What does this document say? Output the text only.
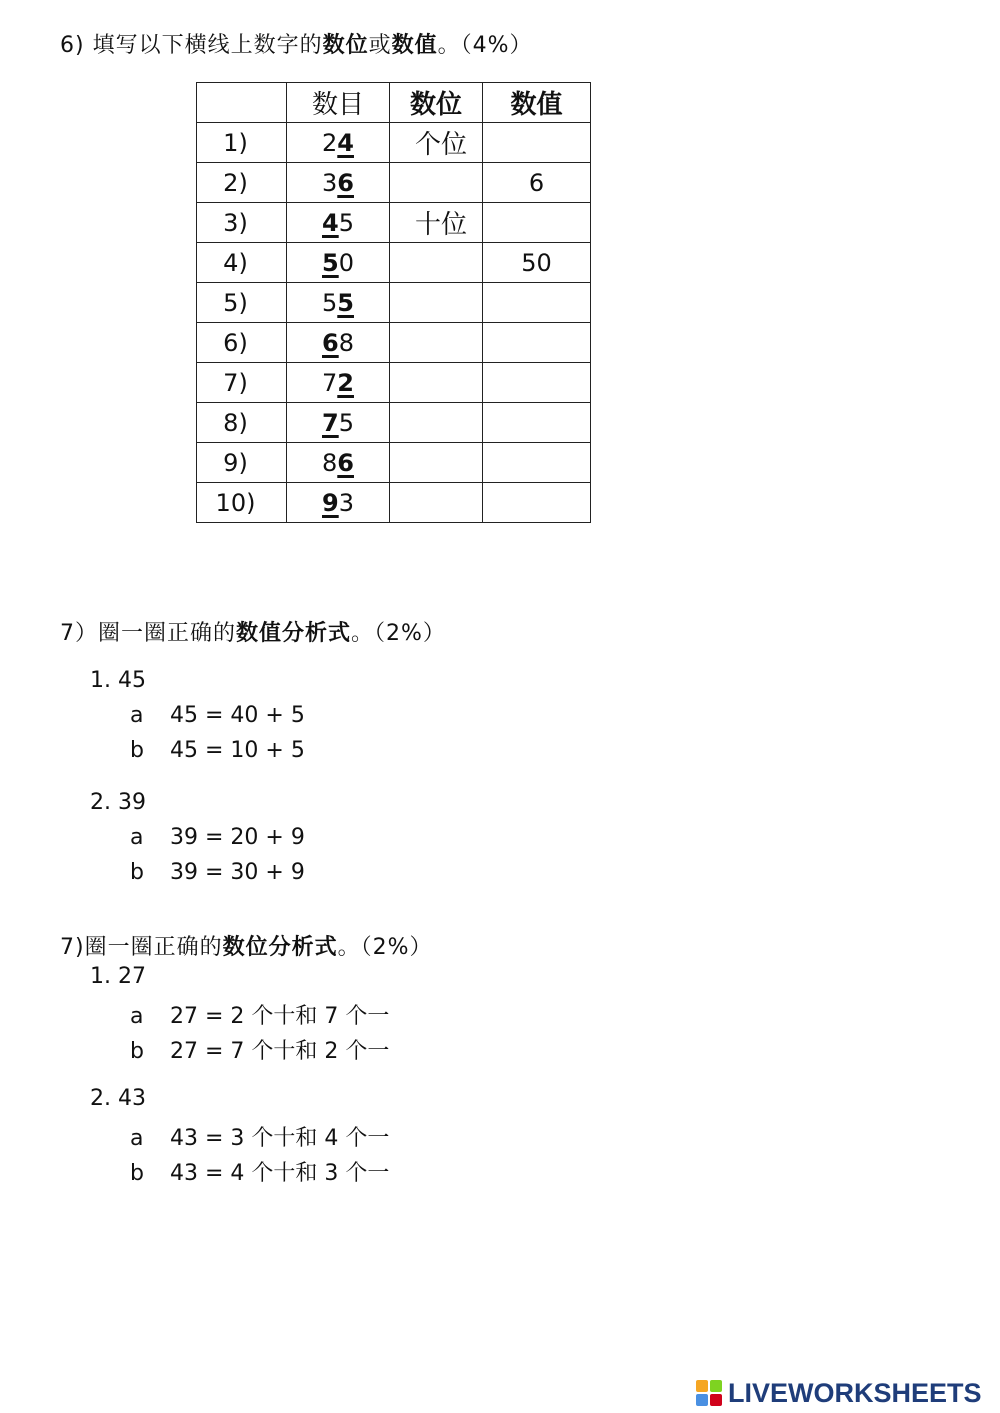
6) 填写以下横线上数字的数位或数值。（4%）
	数目	数位	数值
1)	24	个位	
2)	36		6
3)	45	十位	
4)	50		50
5)	55		
6)	68		
7)	72		
8)	75		
9)	86		
10)	93		
7）圈一圈正确的数值分析式。（2%）
1. 45
a 45 = 40 + 5
b 45 = 10 + 5
2. 39
a 39 = 20 + 9
b 39 = 30 + 9
7)圈一圈正确的数位分析式。（2%）
1. 27
a 27 = 2 个十和 7 个一
b 27 = 7 个十和 2 个一
2. 43
a 43 = 3 个十和 4 个一
b 43 = 4 个十和 3 个一
LIVEWORKSHEETS
